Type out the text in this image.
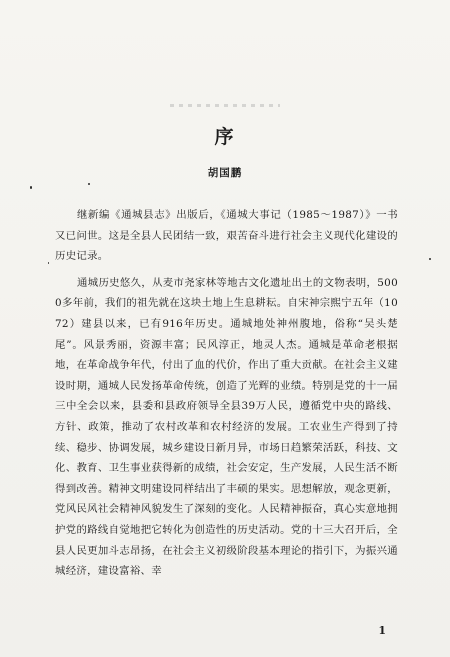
序
胡国鹏

继新编《通城县志》出版后，《通城大事记（1985～1987）》一书又已问世。这是全县人民团结一致，艰苦奋斗进行社会主义现代化建设的历史记录。

通城历史悠久，从麦市尧家林等地古文化遗址出土的文物表明，5000多年前，我们的祖先就在这块土地上生息耕耘。自宋神宗熙宁五年（1072）建县以来，已有916年历史。通城地处神州腹地，俗称“吴头楚尾”。风景秀丽，资源丰富；民风淳正，地灵人杰。通城是革命老根据地，在革命战争年代，付出了血的代价，作出了重大贡献。在社会主义建设时期，通城人民发扬革命传统，创造了光辉的业绩。特别是党的十一届三中全会以来，县委和县政府领导全县39万人民，遵循党中央的路线、方针、政策，推动了农村改革和农村经济的发展。工农业生产得到了持续、稳步、协调发展，城乡建设日新月异，市场日趋繁荣活跃，科技、文化、教育、卫生事业获得新的成绩，社会安定，生产发展，人民生活不断得到改善。精神文明建设同样结出了丰硕的果实。思想解放，观念更新，党风民风社会精神风貌发生了深刻的变化。人民精神振奋，真心实意地拥护党的路线自觉地把它转化为创造性的历史活动。党的十三大召开后，全县人民更加斗志昂扬，在社会主义初级阶段基本理论的指引下，为振兴通城经济，建设富裕、幸

1
